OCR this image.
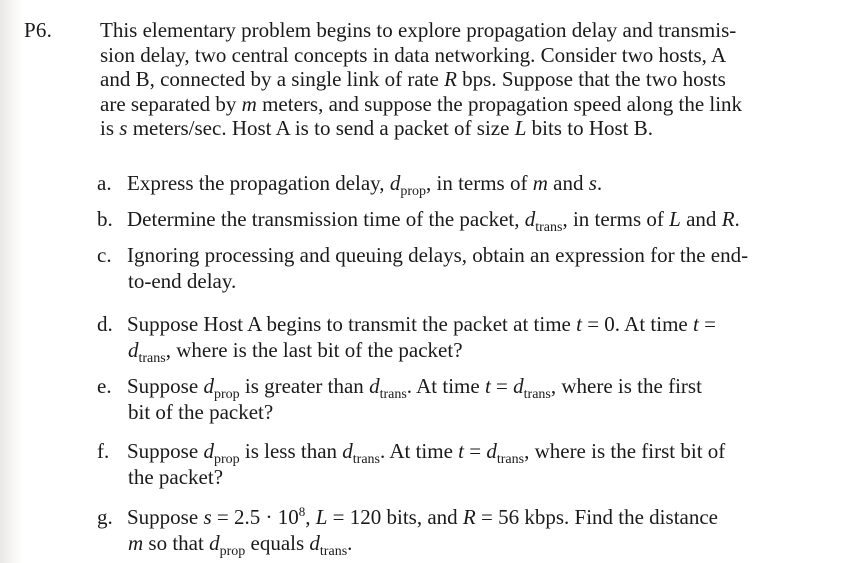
P6. This elementary problem begins to explore propagation delay and transmis-
sion delay, two central concepts in data networking. Consider two hosts, A
and B, connected by a single link of rate R bps. Suppose that the two hosts
are separated by m meters, and suppose the propagation speed along the link
is s meters/sec. Host A is to send a packet of size L bits to Host B.
a. Express the propagation delay, $d_{prop}$, in terms of m and s.
b. Determine the transmission time of the packet, $d_{trans}$, in terms of L and R.
c. Ignoring processing and queuing delays, obtain an expression for the end-
to-end delay.
d. Suppose Host A begins to transmit the packet at time t = 0. At time t =
$d_{trans}$, where is the last bit of the packet?
e. Suppose $d_{prop}$ is greater than $d_{trans}$. At time $t = d_{trans}$, where is the first
bit of the packet?
f. Suppose $d_{prop}$ is less than $d_{trans}$. At time $t = d_{trans}$, where is the first bit of
the packet?
g. Suppose $s = 2.5 \cdot 10^8$, L = 120 bits, and R = 56 kbps. Find the distance
m so that $d_{prop}$ equals $d_{trans}$.
